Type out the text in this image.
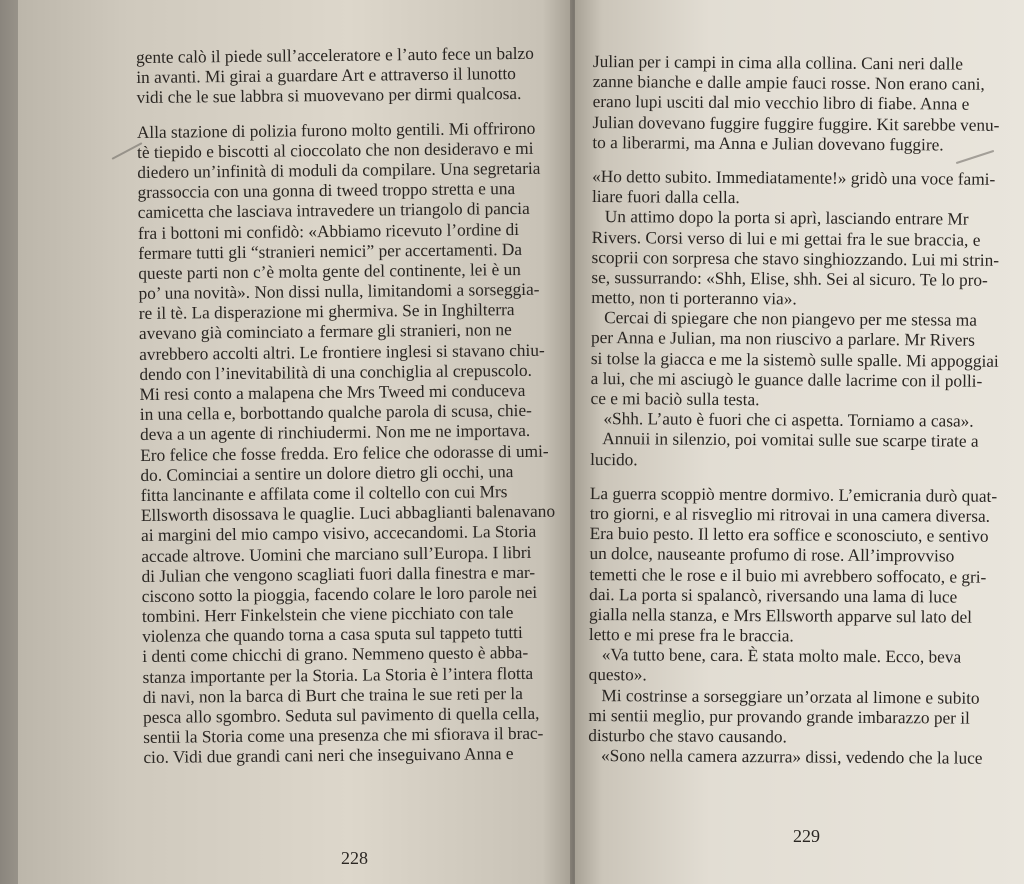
gente calò il piede sull’acceleratore e l’auto fece un balzo
in avanti. Mi girai a guardare Art e attraverso il lunotto
vidi che le sue labbra si muovevano per dirmi qualcosa.
Alla stazione di polizia furono molto gentili. Mi offrirono
tè tiepido e biscotti al cioccolato che non desideravo e mi
diedero un’infinità di moduli da compilare. Una segretaria
grassoccia con una gonna di tweed troppo stretta e una
camicetta che lasciava intravedere un triangolo di pancia
fra i bottoni mi confidò: «Abbiamo ricevuto l’ordine di
fermare tutti gli “stranieri nemici” per accertamenti. Da
queste parti non c’è molta gente del continente, lei è un
po’ una novità». Non dissi nulla, limitandomi a sorseggia-
re il tè. La disperazione mi ghermiva. Se in Inghilterra
avevano già cominciato a fermare gli stranieri, non ne
avrebbero accolti altri. Le frontiere inglesi si stavano chiu-
dendo con l’inevitabilità di una conchiglia al crepuscolo.
Mi resi conto a malapena che Mrs Tweed mi conduceva
in una cella e, borbottando qualche parola di scusa, chie-
deva a un agente di rinchiudermi. Non me ne importava.
Ero felice che fosse fredda. Ero felice che odorasse di umi-
do. Cominciai a sentire un dolore dietro gli occhi, una
fitta lancinante e affilata come il coltello con cui Mrs
Ellsworth disossava le quaglie. Luci abbaglianti balenavano
ai margini del mio campo visivo, accecandomi. La Storia
accade altrove. Uomini che marciano sull’Europa. I libri
di Julian che vengono scagliati fuori dalla finestra e mar-
ciscono sotto la pioggia, facendo colare le loro parole nei
tombini. Herr Finkelstein che viene picchiato con tale
violenza che quando torna a casa sputa sul tappeto tutti
i denti come chicchi di grano. Nemmeno questo è abba-
stanza importante per la Storia. La Storia è l’intera flotta
di navi, non la barca di Burt che traina le sue reti per la
pesca allo sgombro. Seduta sul pavimento di quella cella,
sentii la Storia come una presenza che mi sfiorava il brac-
cio. Vidi due grandi cani neri che inseguivano Anna e
228
Julian per i campi in cima alla collina. Cani neri dalle
zanne bianche e dalle ampie fauci rosse. Non erano cani,
erano lupi usciti dal mio vecchio libro di fiabe. Anna e
Julian dovevano fuggire fuggire fuggire. Kit sarebbe venu-
to a liberarmi, ma Anna e Julian dovevano fuggire.
«Ho detto subito. Immediatamente!» gridò una voce fami-
liare fuori dalla cella.
Un attimo dopo la porta si aprì, lasciando entrare Mr
Rivers. Corsi verso di lui e mi gettai fra le sue braccia, e
scoprii con sorpresa che stavo singhiozzando. Lui mi strin-
se, sussurrando: «Shh, Elise, shh. Sei al sicuro. Te lo pro-
metto, non ti porteranno via».
Cercai di spiegare che non piangevo per me stessa ma
per Anna e Julian, ma non riuscivo a parlare. Mr Rivers
si tolse la giacca e me la sistemò sulle spalle. Mi appoggiai
a lui, che mi asciugò le guance dalle lacrime con il polli-
ce e mi baciò sulla testa.
«Shh. L’auto è fuori che ci aspetta. Torniamo a casa».
Annuii in silenzio, poi vomitai sulle sue scarpe tirate a
lucido.
La guerra scoppiò mentre dormivo. L’emicrania durò quat-
tro giorni, e al risveglio mi ritrovai in una camera diversa.
Era buio pesto. Il letto era soffice e sconosciuto, e sentivo
un dolce, nauseante profumo di rose. All’improvviso
temetti che le rose e il buio mi avrebbero soffocato, e gri-
dai. La porta si spalancò, riversando una lama di luce
gialla nella stanza, e Mrs Ellsworth apparve sul lato del
letto e mi prese fra le braccia.
«Va tutto bene, cara. È stata molto male. Ecco, beva
questo».
Mi costrinse a sorseggiare un’orzata al limone e subito
mi sentii meglio, pur provando grande imbarazzo per il
disturbo che stavo causando.
«Sono nella camera azzurra» dissi, vedendo che la luce
229
